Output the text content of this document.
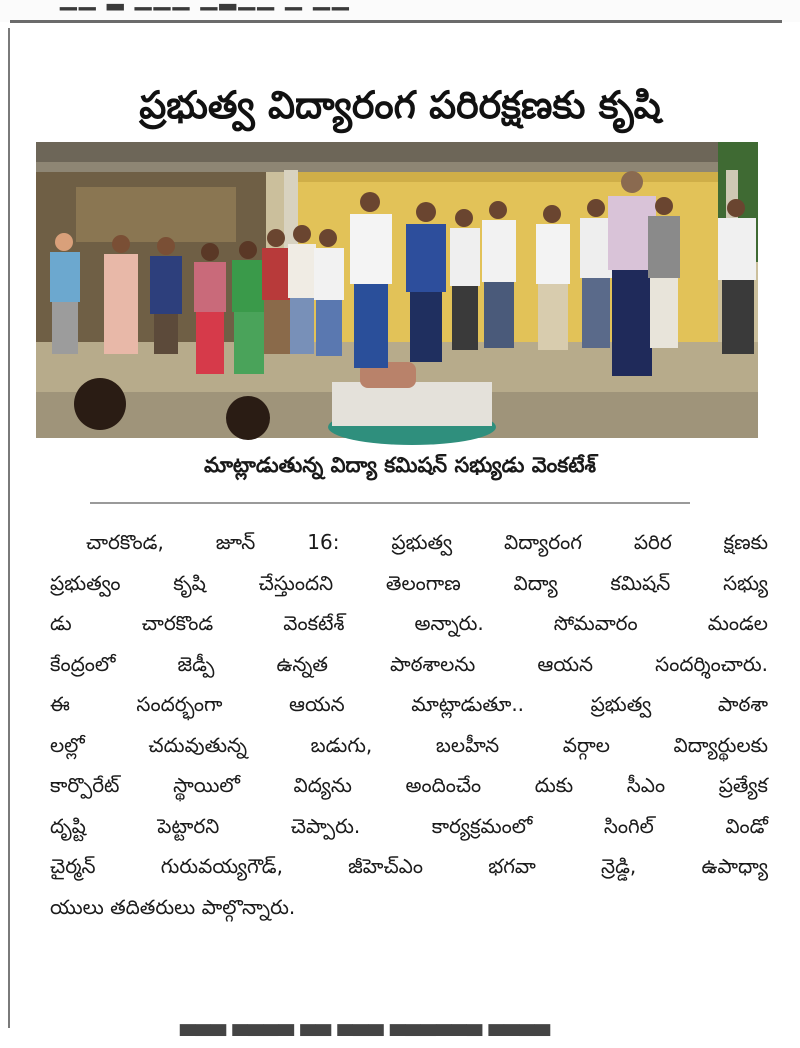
ప్రభుత్వ విద్యారంగ పరిరక్షణకు కృషి
మాట్లాడుతున్న విద్యా కమిషన్ సభ్యుడు వెంకటేశ్
చారకొండ, జూన్ 16: ప్రభుత్వ విద్యారంగ పరిర క్షణకు
ప్రభుత్వం కృషి చేస్తుందని తెలంగాణ విద్యా కమిషన్ సభ్యు
డు చారకొండ వెంకటేశ్ అన్నారు. సోమవారం మండల
కేంద్రంలో జెడ్పీ ఉన్నత పాఠశాలను ఆయన సందర్శించారు.
ఈ సందర్భంగా ఆయన మాట్లాడుతూ.. ప్రభుత్వ పాఠశా
లల్లో చదువుతున్న బడుగు, బలహీన వర్గాల విద్యార్థులకు
కార్పొరేట్ స్థాయిలో విద్యను అందించేం దుకు సీఎం ప్రత్యేక
దృష్టి పెట్టారని చెప్పారు. కార్యక్రమంలో సింగిల్ విండో
చైర్మన్ గురువయ్యగౌడ్, జీహెచ్ఎం భగవా న్రెడ్డి, ఉపాధ్యా
యులు తదితరులు పాల్గొన్నారు.
▀▀▀ ▀▀▀▀ ▀▀ ▀▀▀ ▀▀▀▀▀▀ ▀▀▀▀
